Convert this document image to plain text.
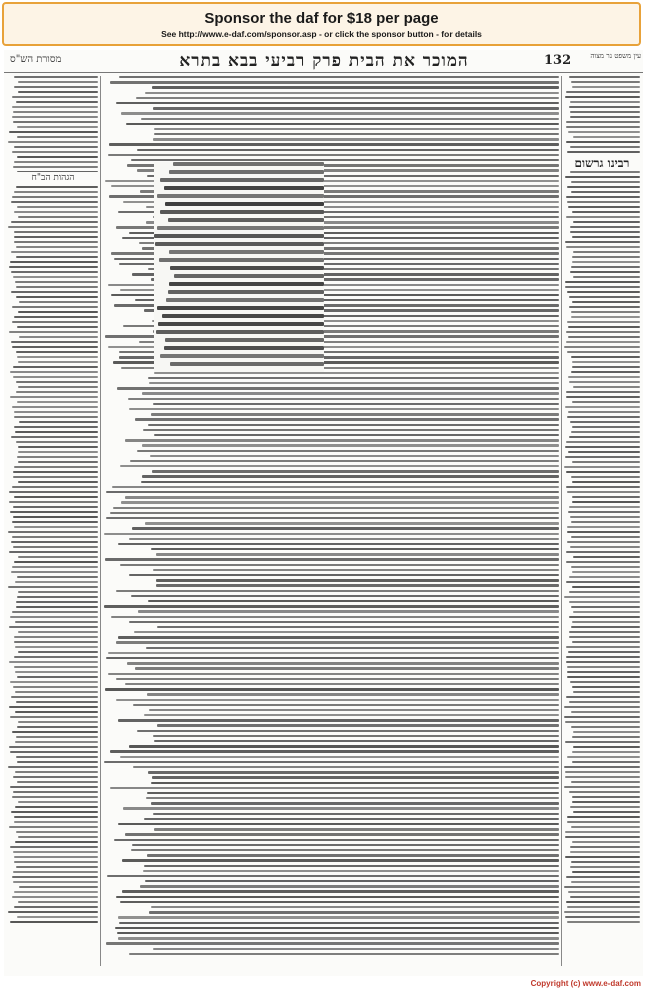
Sponsor the daf for $18 per page
See http://www.e-daf.com/sponsor.asp - or click the sponsor button - for details
מסורת הש"ס	המוכר את הבית פרק רביעי בבא בתרא	132	עין משפט נר מצוה
הגהות הב"ח
רבינו גרשום
Copyright (c) www.e-daf.com
